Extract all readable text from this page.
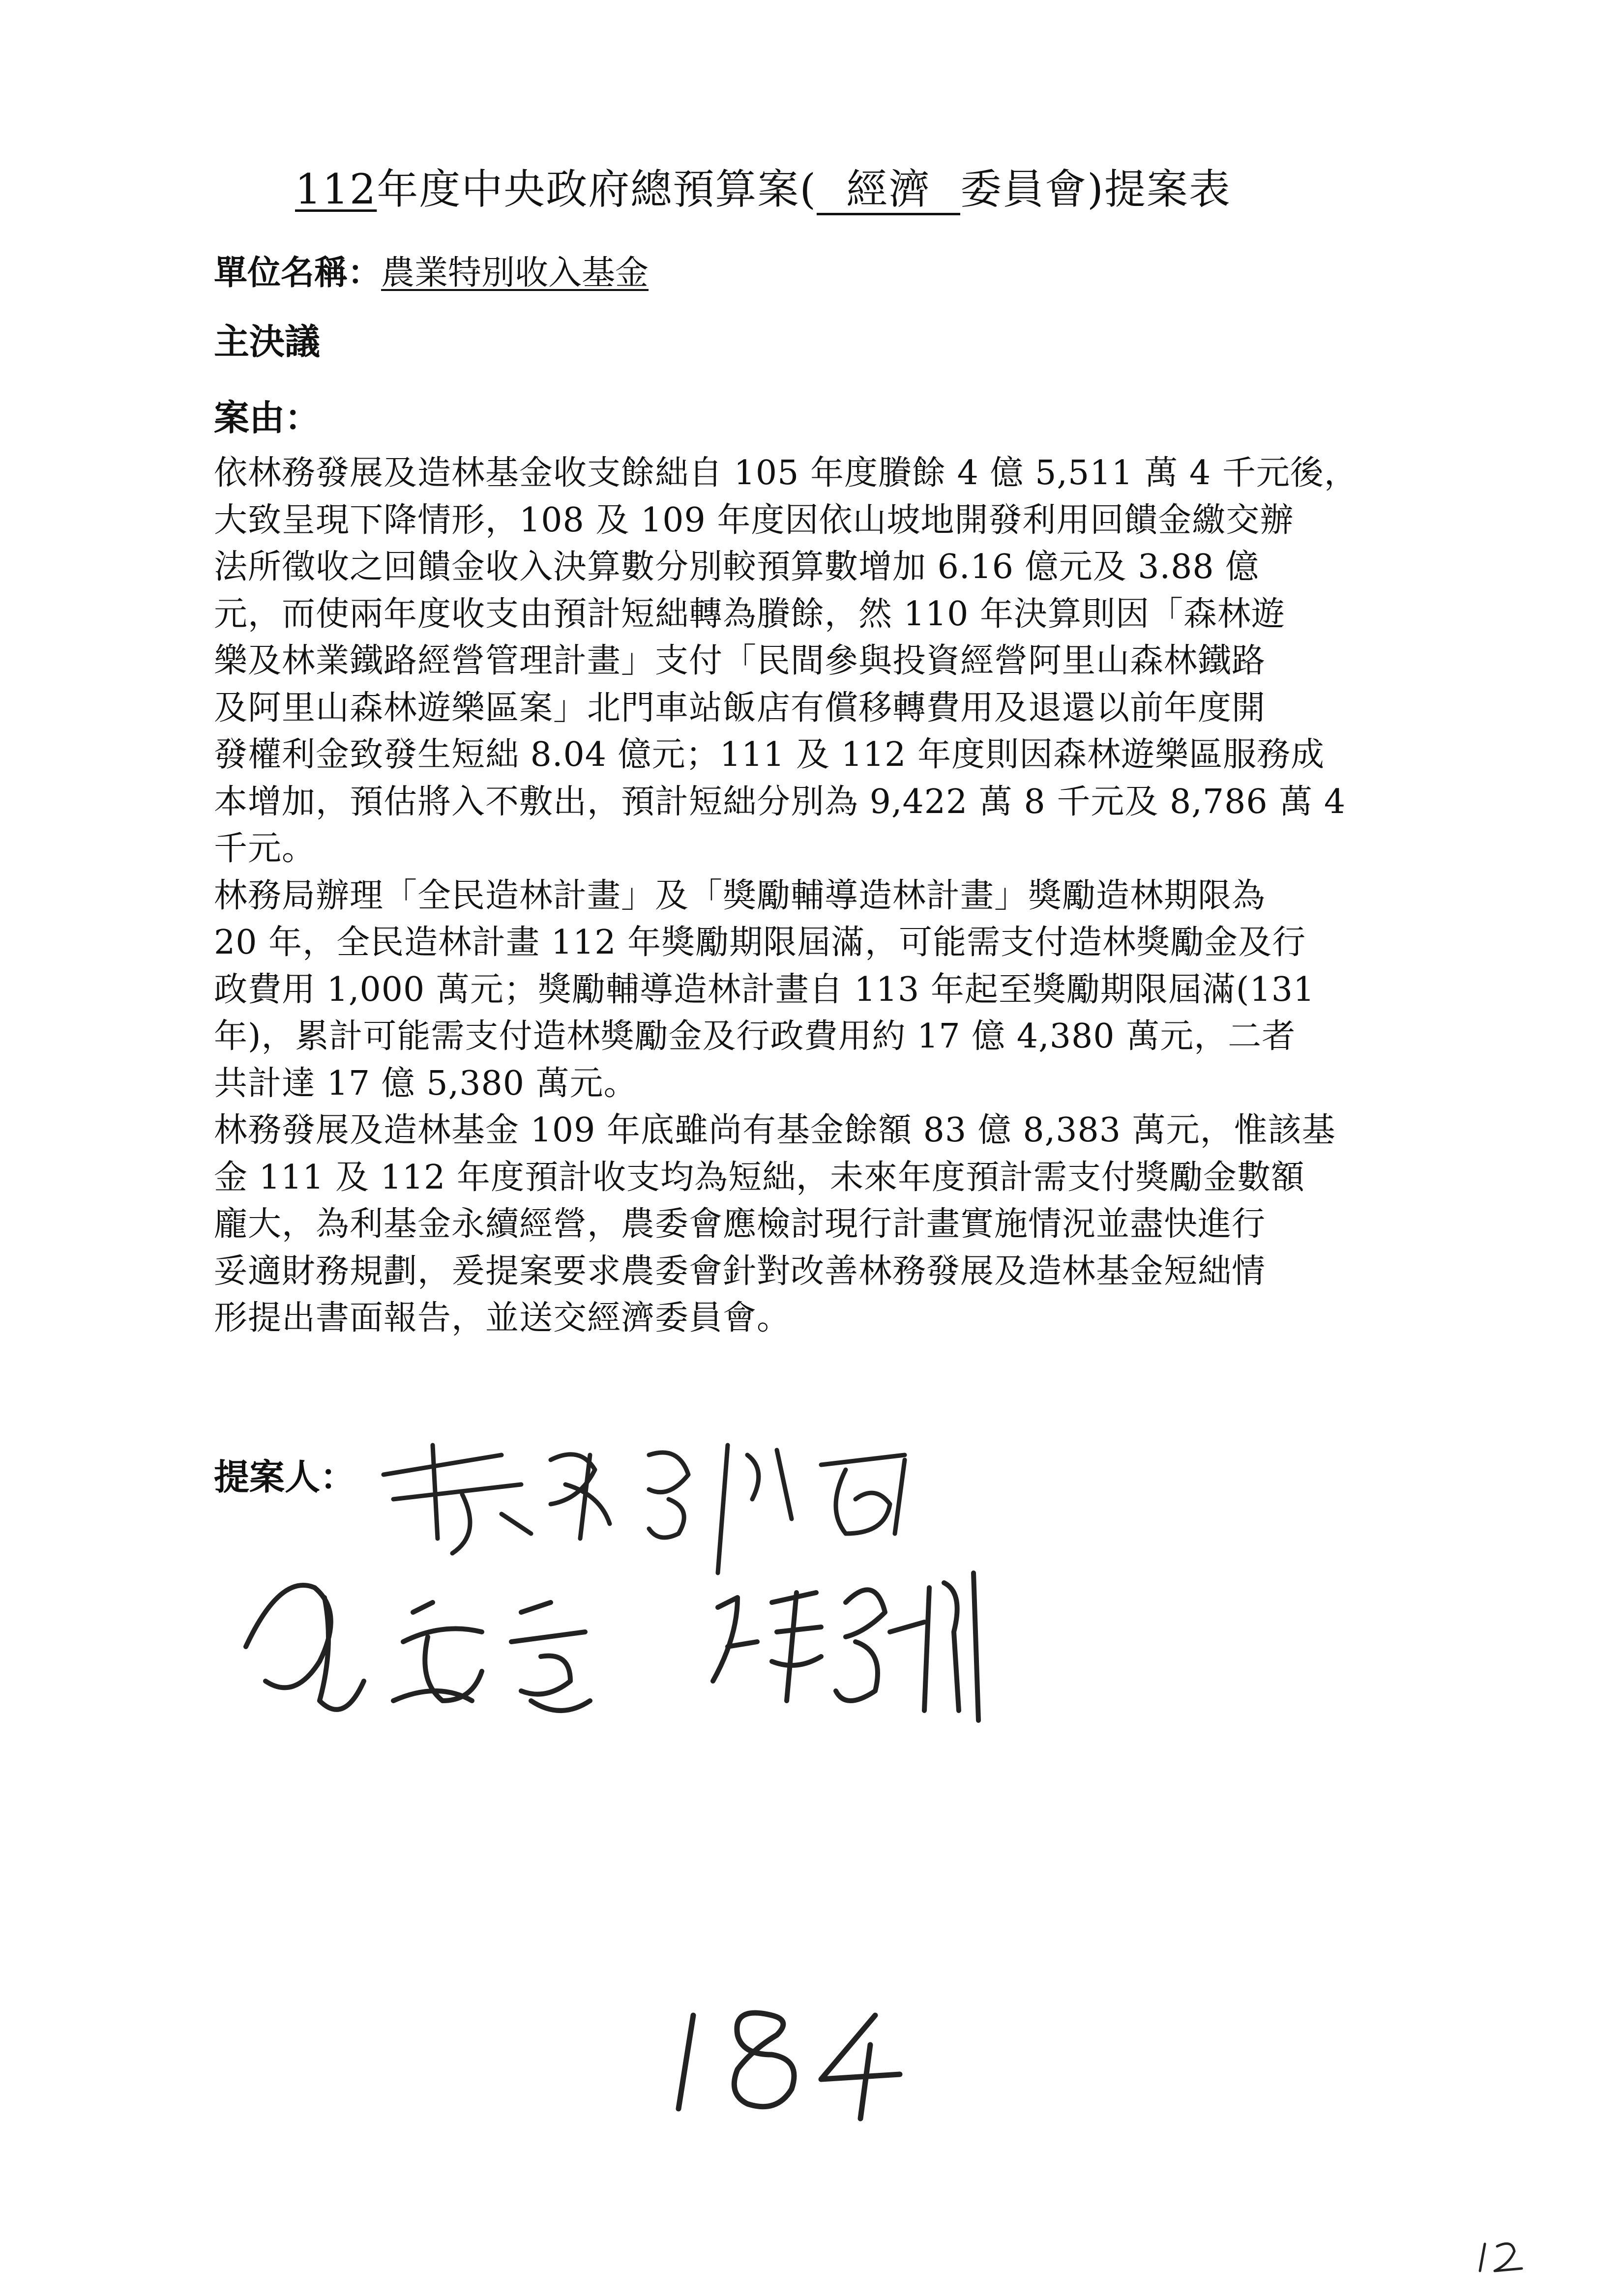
112年度中央政府總預算案( 經濟 委員會)提案表
單位名稱：農業特別收入基金
主決議
案由：
依林務發展及造林基金收支餘絀自 105 年度賸餘 4 億 5,511 萬 4 千元後，
大致呈現下降情形，108 及 109 年度因依山坡地開發利用回饋金繳交辦
法所徵收之回饋金收入決算數分別較預算數增加 6.16 億元及 3.88 億
元，而使兩年度收支由預計短絀轉為賸餘，然 110 年決算則因「森林遊
樂及林業鐵路經營管理計畫」支付「民間參與投資經營阿里山森林鐵路
及阿里山森林遊樂區案」北門車站飯店有償移轉費用及退還以前年度開
發權利金致發生短絀 8.04 億元；111 及 112 年度則因森林遊樂區服務成
本增加，預估將入不敷出，預計短絀分別為 9,422 萬 8 千元及 8,786 萬 4
千元。
林務局辦理「全民造林計畫」及「獎勵輔導造林計畫」獎勵造林期限為
20 年，全民造林計畫 112 年獎勵期限屆滿，可能需支付造林獎勵金及行
政費用 1,000 萬元；獎勵輔導造林計畫自 113 年起至獎勵期限屆滿(131
年)，累計可能需支付造林獎勵金及行政費用約 17 億 4,380 萬元，二者
共計達 17 億 5,380 萬元。
林務發展及造林基金 109 年底雖尚有基金餘額 83 億 8,383 萬元，惟該基
金 111 及 112 年度預計收支均為短絀，未來年度預計需支付獎勵金數額
龐大，為利基金永續經營，農委會應檢討現行計畫實施情況並盡快進行
妥適財務規劃，爰提案要求農委會針對改善林務發展及造林基金短絀情
形提出書面報告，並送交經濟委員會。
提案人：
